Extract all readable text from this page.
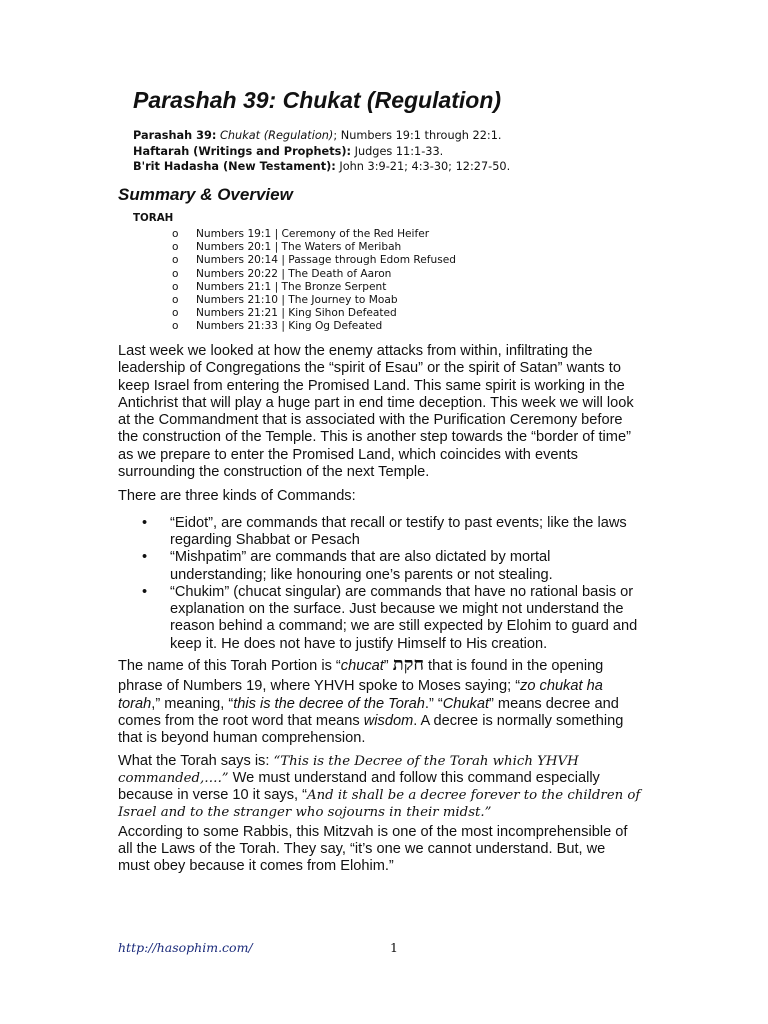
Parashah 39: Chukat (Regulation)
Parashah 39: Chukat (Regulation); Numbers 19:1 through 22:1.
Haftarah (Writings and Prophets): Judges 11:1-33.
B'rit Hadasha (New Testament): John 3:9-21; 4:3-30; 12:27-50.
Summary & Overview
TORAH
o	Numbers 19:1 | Ceremony of the Red Heifer
o	Numbers 20:1 | The Waters of Meribah
o	Numbers 20:14 | Passage through Edom Refused
o	Numbers 20:22 | The Death of Aaron
o	Numbers 21:1 | The Bronze Serpent
o	Numbers 21:10 | The Journey to Moab
o	Numbers 21:21 | King Sihon Defeated
o	Numbers 21:33 | King Og Defeated
Last week we looked at how the enemy attacks from within, infiltrating the
leadership of Congregations the “spirit of Esau” or the spirit of Satan” wants to
keep Israel from entering the Promised Land. This same spirit is working in the
Antichrist that will play a huge part in end time deception. This week we will look
at the Commandment that is associated with the Purification Ceremony before
the construction of the Temple. This is another step towards the “border of time”
as we prepare to enter the Promised Land, which coincides with events
surrounding the construction of the next Temple.
There are three kinds of Commands:
•	“Eidot”, are commands that recall or testify to past events; like the laws
regarding Shabbat or Pesach
•	“Mishpatim” are commands that are also dictated by mortal
understanding; like honouring one’s parents or not stealing.
•	“Chukim” (chucat singular) are commands that have no rational basis or
explanation on the surface. Just because we might not understand the
reason behind a command; we are still expected by Elohim to guard and
keep it. He does not have to justify Himself to His creation.
The name of this Torah Portion is “chucat” חקת that is found in the opening
phrase of Numbers 19, where YHVH spoke to Moses saying; “zo chukat ha
torah,” meaning, “this is the decree of the Torah.” “Chukat” means decree and
comes from the root word that means wisdom. A decree is normally something
that is beyond human comprehension.
What the Torah says is: “This is the Decree of the Torah which YHVH
commanded,….” We must understand and follow this command especially
because in verse 10 it says, “And it shall be a decree forever to the children of
Israel and to the stranger who sojourns in their midst.”
According to some Rabbis, this Mitzvah is one of the most incomprehensible of
all the Laws of the Torah. They say, “it’s one we cannot understand. But, we
must obey because it comes from Elohim.”
http://hasophim.com/	1
